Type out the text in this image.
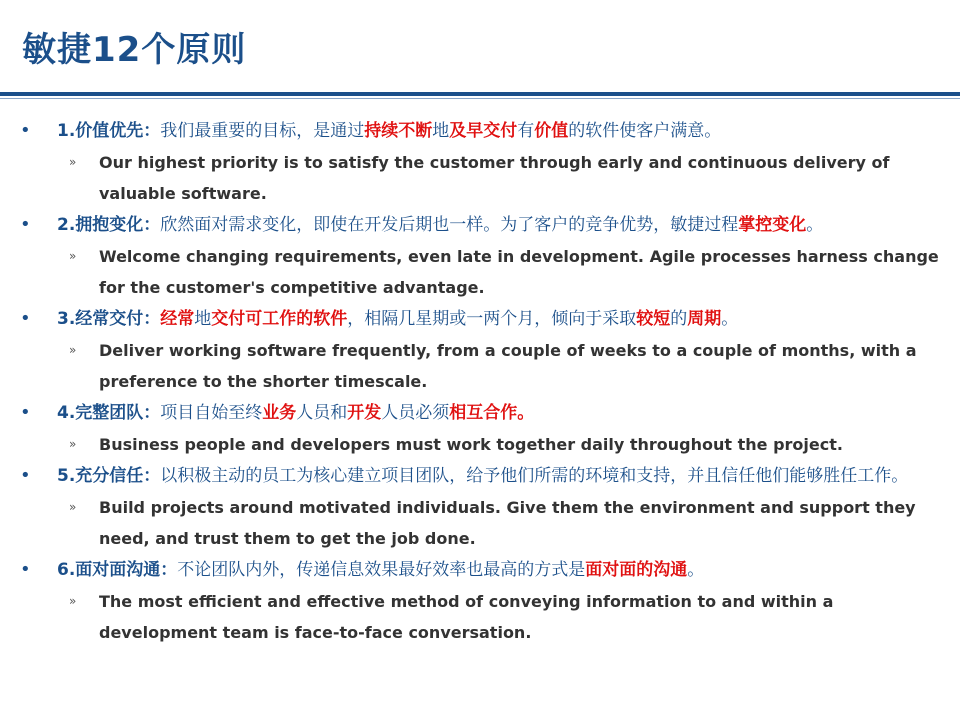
敏捷12个原则
• 1.价值优先：我们最重要的目标，是通过持续不断地及早交付有价值的软件使客户满意。
» Our highest priority is to satisfy the customer through early and continuous delivery of valuable software.
• 2.拥抱变化：欣然面对需求变化，即使在开发后期也一样。为了客户的竞争优势，敏捷过程掌控变化。
» Welcome changing requirements, even late in development. Agile processes harness change for the customer's competitive advantage.
• 3.经常交付：经常地交付可工作的软件，相隔几星期或一两个月，倾向于采取较短的周期。
» Deliver working software frequently, from a couple of weeks to a couple of months, with a preference to the shorter timescale.
• 4.完整团队：项目自始至终业务人员和开发人员必须相互合作。
» Business people and developers must work together daily throughout the project.
• 5.充分信任：以积极主动的员工为核心建立项目团队，给予他们所需的环境和支持，并且信任他们能够胜任工作。
» Build projects around motivated individuals. Give them the environment and support they need, and trust them to get the job done.
• 6.面对面沟通：不论团队内外，传递信息效果最好效率也最高的方式是面对面的沟通。
» The most efficient and effective method of conveying information to and within a development team is face-to-face conversation.
